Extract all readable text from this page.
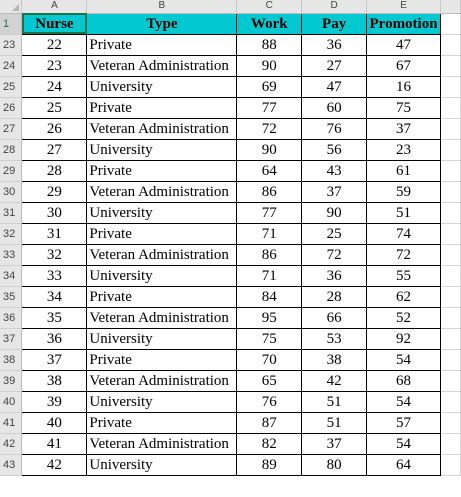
	A	B	C	D	E	
1	Nurse	Type	Work	Pay	Promotion	
23	22	Private	88	36	47	
24	23	Veteran Administration	90	27	67	
25	24	University	69	47	16	
26	25	Private	77	60	75	
27	26	Veteran Administration	72	76	37	
28	27	University	90	56	23	
29	28	Private	64	43	61	
30	29	Veteran Administration	86	37	59	
31	30	University	77	90	51	
32	31	Private	71	25	74	
33	32	Veteran Administration	86	72	72	
34	33	University	71	36	55	
35	34	Private	84	28	62	
36	35	Veteran Administration	95	66	52	
37	36	University	75	53	92	
38	37	Private	70	38	54	
39	38	Veteran Administration	65	42	68	
40	39	University	76	51	54	
41	40	Private	87	51	57	
42	41	Veteran Administration	82	37	54	
43	42	University	89	80	64	
